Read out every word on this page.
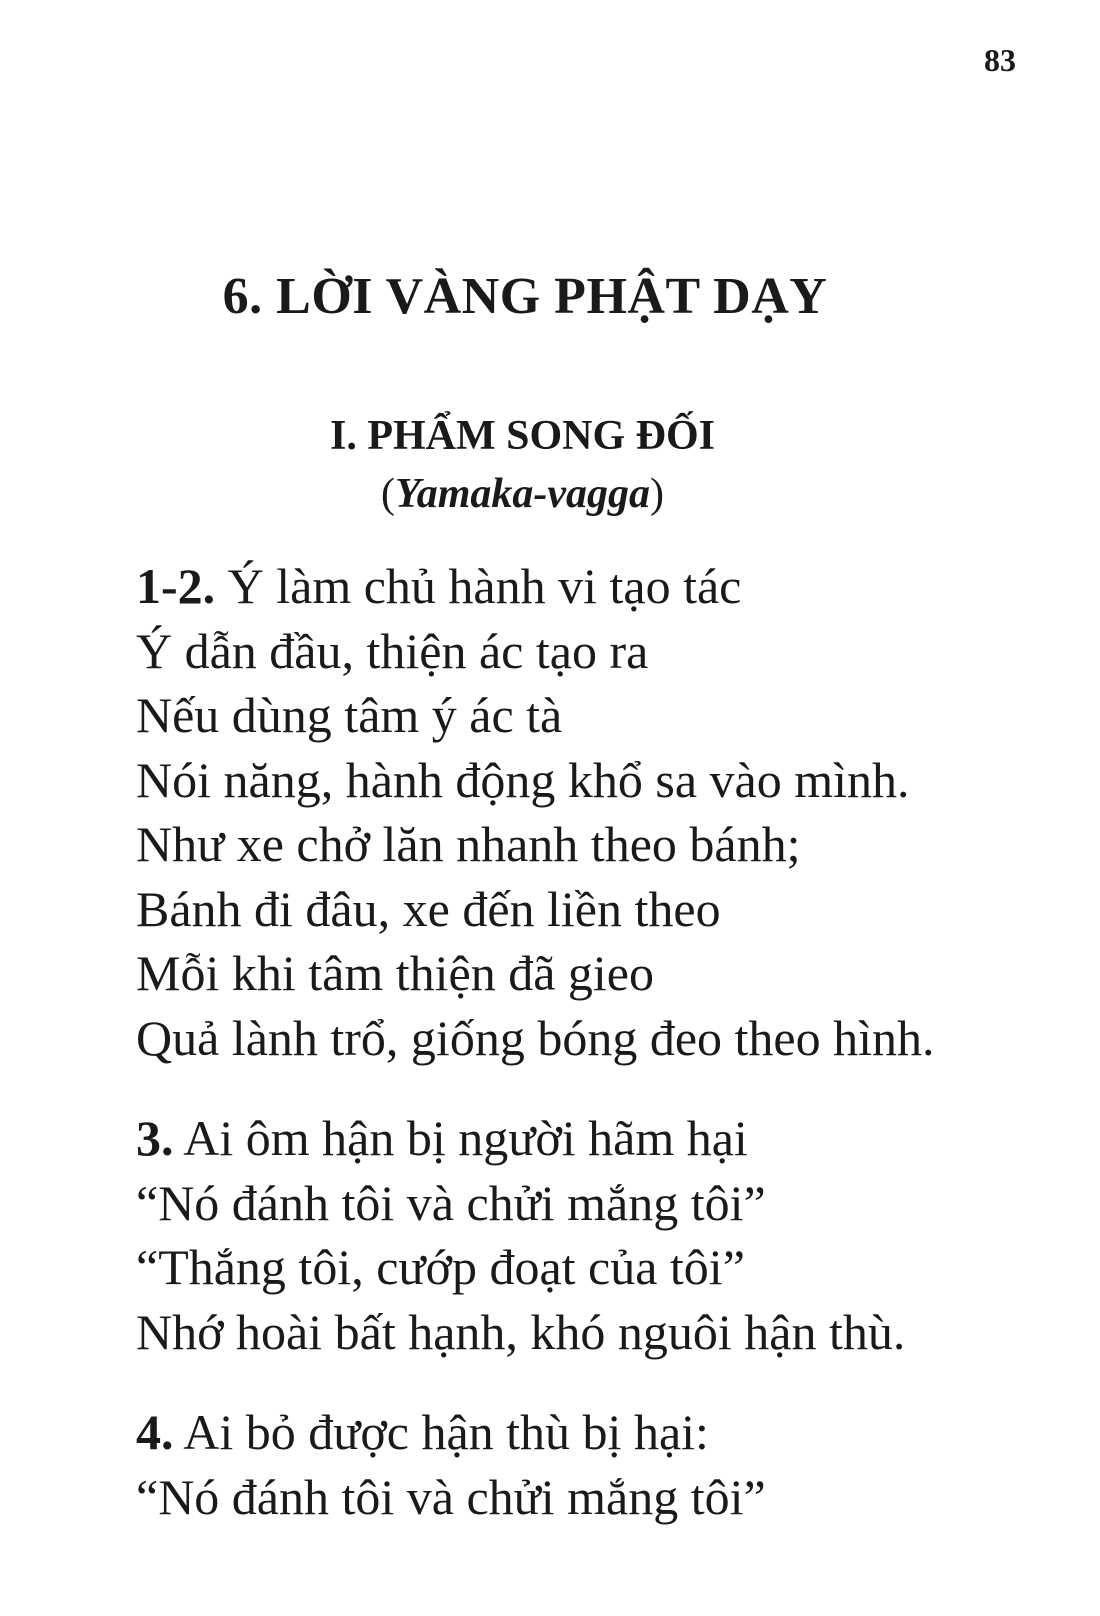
83
6. LỜI VÀNG PHẬT DẠY
I. PHẨM SONG ĐỐI
(Yamaka-vagga)
1-2. Ý làm chủ hành vi tạo tác
Ý dẫn đầu, thiện ác tạo ra
Nếu dùng tâm ý ác tà
Nói năng, hành động khổ sa vào mình.
Như xe chở lăn nhanh theo bánh;
Bánh đi đâu, xe đến liền theo
Mỗi khi tâm thiện đã gieo
Quả lành trổ, giống bóng đeo theo hình.
3. Ai ôm hận bị người hãm hại
“Nó đánh tôi và chửi mắng tôi”
“Thắng tôi, cướp đoạt của tôi”
Nhớ hoài bất hạnh, khó nguôi hận thù.
4. Ai bỏ được hận thù bị hại:
“Nó đánh tôi và chửi mắng tôi”
